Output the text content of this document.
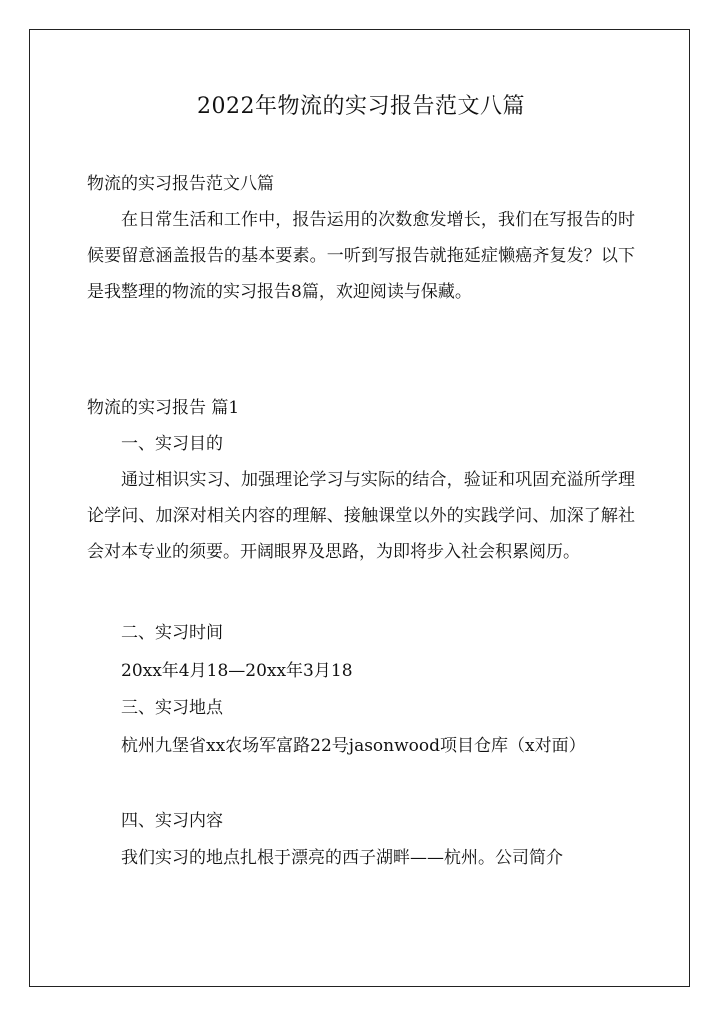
2022年物流的实习报告范文八篇
物流的实习报告范文八篇
在日常生活和工作中，报告运用的次数愈发增长，我们在写报告的时候要留意涵盖报告的基本要素。一听到写报告就拖延症懒癌齐复发？以下是我整理的物流的实习报告8篇，欢迎阅读与保藏。
物流的实习报告 篇1
一、实习目的
通过相识实习、加强理论学习与实际的结合，验证和巩固充溢所学理论学问、加深对相关内容的理解、接触课堂以外的实践学问、加深了解社会对本专业的须要。开阔眼界及思路，为即将步入社会积累阅历。
二、实习时间
20xx年4月18—20xx年3月18
三、实习地点
杭州九堡省xx农场军富路22号jasonwood项目仓库（x对面）
四、实习内容
我们实习的地点扎根于漂亮的西子湖畔——杭州。公司简介
